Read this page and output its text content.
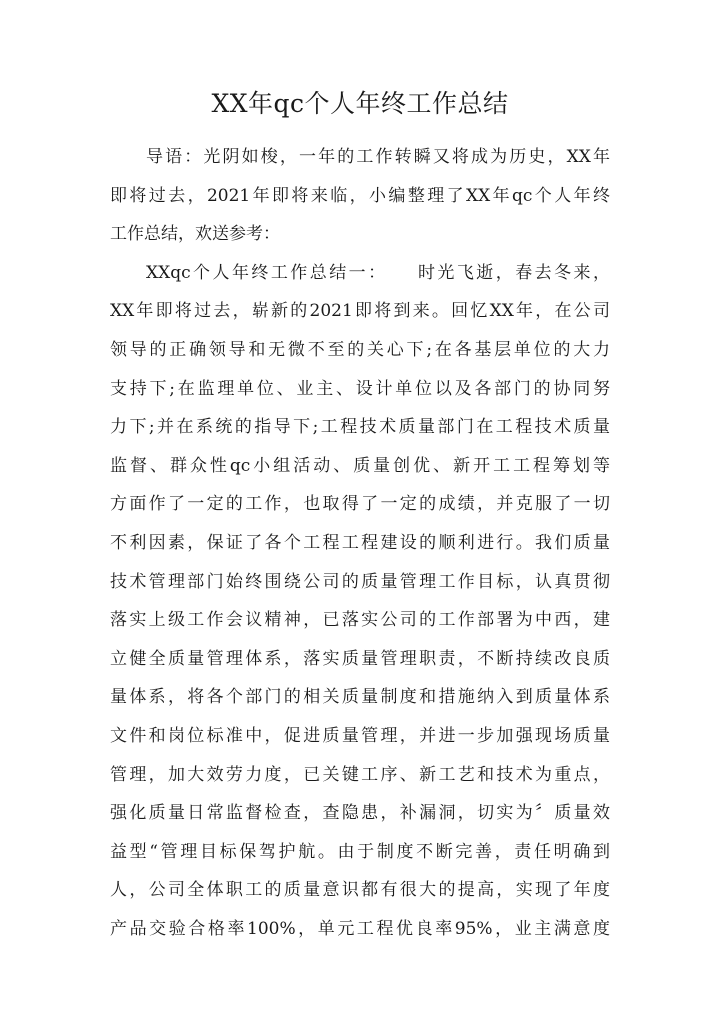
XX年qc个人年终工作总结
导语：光阴如梭，一年的工作转瞬又将成为历史，XX年
即将过去，2021年即将来临，小编整理了XX年qc个人年终
工作总结，欢送参考：
XXqc个人年终工作总结一：　　时光飞逝，春去冬来，
XX年即将过去，崭新的2021即将到来。回忆XX年，在公司
领导的正确领导和无微不至的关心下;在各基层单位的大力
支持下;在监理单位、业主、设计单位以及各部门的协同努
力下;并在系统的指导下;工程技术质量部门在工程技术质量
监督、群众性qc小组活动、质量创优、新开工工程筹划等
方面作了一定的工作，也取得了一定的成绩，并克服了一切
不利因素，保证了各个工程工程建设的顺利进行。我们质量
技术管理部门始终围绕公司的质量管理工作目标，认真贯彻
落实上级工作会议精神，已落实公司的工作部署为中西，建
立健全质量管理体系，落实质量管理职责，不断持续改良质
量体系，将各个部门的相关质量制度和措施纳入到质量体系
文件和岗位标准中，促进质量管理，并进一步加强现场质量
管理，加大效劳力度，已关键工序、新工艺和技术为重点，
强化质量日常监督检查，查隐患，补漏洞，切实为〞质量效
益型“管理目标保驾护航。由于制度不断完善，责任明确到
人，公司全体职工的质量意识都有很大的提高，实现了年度
产品交验合格率100%，单元工程优良率95%，业主满意度
